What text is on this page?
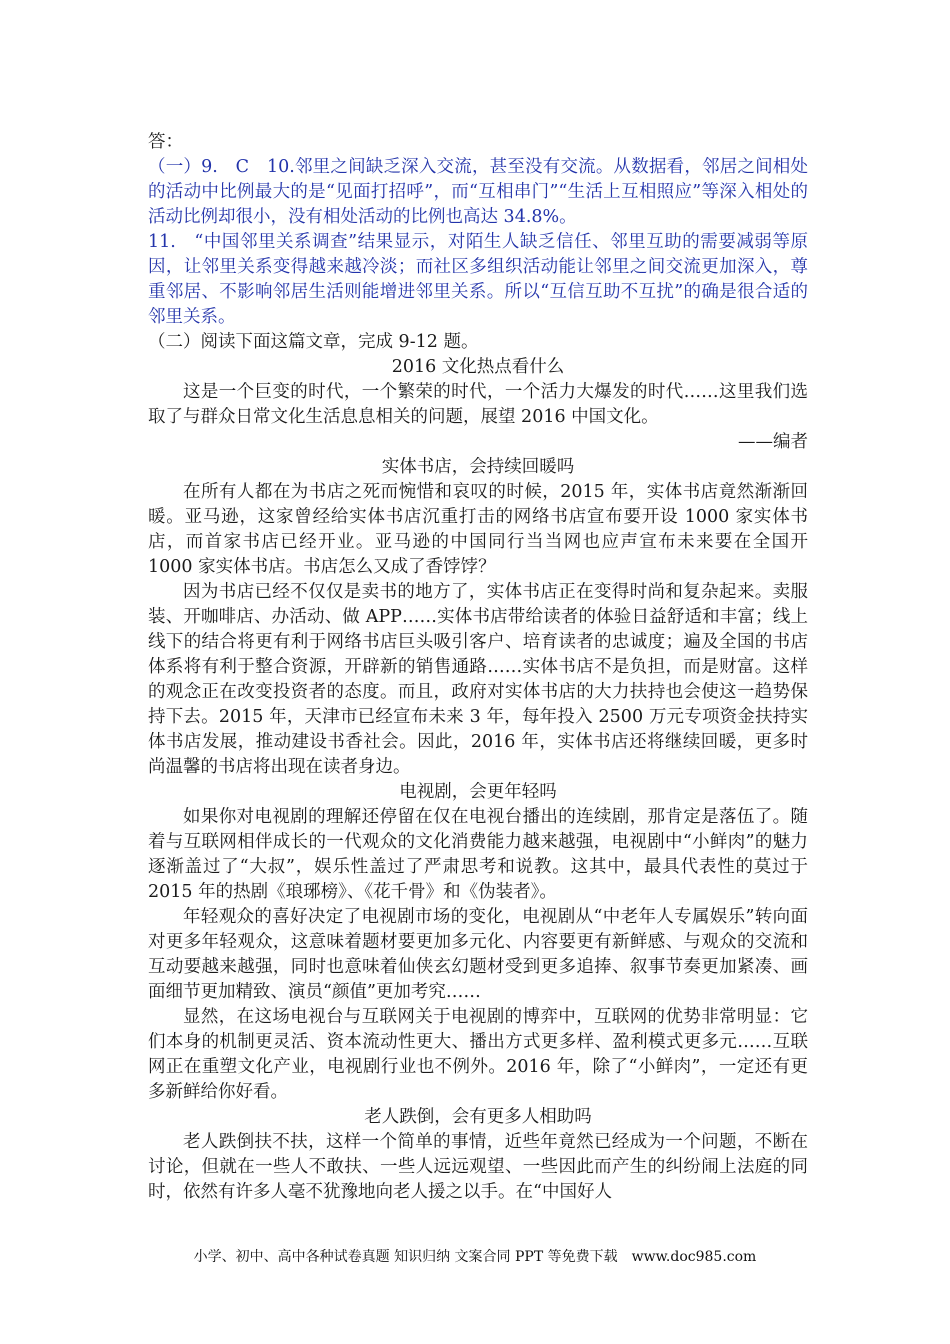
答：

（一）9.　C　10.邻里之间缺乏深入交流，甚至没有交流。从数据看，邻居之间相处的活动中比例最大的是“见面打招呼”，而“互相串门”“生活上互相照应”等深入相处的活动比例却很小，没有相处活动的比例也高达 34.8%。

11.　“中国邻里关系调查”结果显示，对陌生人缺乏信任、邻里互助的需要减弱等原因，让邻里关系变得越来越冷淡；而社区多组织活动能让邻里之间交流更加深入，尊重邻居、不影响邻居生活则能增进邻里关系。所以“互信互助不互扰”的确是很合适的邻里关系。

（二）阅读下面这篇文章，完成 9-12 题。

2016 文化热点看什么

这是一个巨变的时代，一个繁荣的时代，一个活力大爆发的时代……这里我们选取了与群众日常文化生活息息相关的问题，展望 2016 中国文化。

——编者

实体书店，会持续回暖吗

在所有人都在为书店之死而惋惜和哀叹的时候，2015 年，实体书店竟然渐渐回暖。亚马逊，这家曾经给实体书店沉重打击的网络书店宣布要开设 1000 家实体书店，而首家书店已经开业。亚马逊的中国同行当当网也应声宣布未来要在全国开 1000 家实体书店。书店怎么又成了香饽饽？

因为书店已经不仅仅是卖书的地方了，实体书店正在变得时尚和复杂起来。卖服装、开咖啡店、办活动、做 APP……实体书店带给读者的体验日益舒适和丰富；线上线下的结合将更有利于网络书店巨头吸引客户、培育读者的忠诚度；遍及全国的书店体系将有利于整合资源，开辟新的销售通路……实体书店不是负担，而是财富。这样的观念正在改变投资者的态度。而且，政府对实体书店的大力扶持也会使这一趋势保持下去。2015 年，天津市已经宣布未来 3 年，每年投入 2500 万元专项资金扶持实体书店发展，推动建设书香社会。因此，2016 年，实体书店还将继续回暖，更多时尚温馨的书店将出现在读者身边。

电视剧，会更年轻吗

如果你对电视剧的理解还停留在仅在电视台播出的连续剧，那肯定是落伍了。随着与互联网相伴成长的一代观众的文化消费能力越来越强，电视剧中“小鲜肉”的魅力逐渐盖过了“大叔”，娱乐性盖过了严肃思考和说教。这其中，最具代表性的莫过于 2015 年的热剧《琅琊榜》、《花千骨》和《伪装者》。

年轻观众的喜好决定了电视剧市场的变化，电视剧从“中老年人专属娱乐”转向面对更多年轻观众，这意味着题材要更加多元化、内容要更有新鲜感、与观众的交流和互动要越来越强，同时也意味着仙侠玄幻题材受到更多追捧、叙事节奏更加紧凑、画面细节更加精致、演员“颜值”更加考究……

显然，在这场电视台与互联网关于电视剧的博弈中，互联网的优势非常明显：它们本身的机制更灵活、资本流动性更大、播出方式更多样、盈利模式更多元……互联网正在重塑文化产业，电视剧行业也不例外。2016 年，除了“小鲜肉”，一定还有更多新鲜给你好看。

老人跌倒，会有更多人相助吗

老人跌倒扶不扶，这样一个简单的事情，近些年竟然已经成为一个问题，不断在讨论，但就在一些人不敢扶、一些人远远观望、一些因此而产生的纠纷闹上法庭的同时，依然有许多人毫不犹豫地向老人援之以手。在“中国好人

小学、初中、高中各种试卷真题 知识归纳 文案合同 PPT 等免费下载　www.doc985.com
